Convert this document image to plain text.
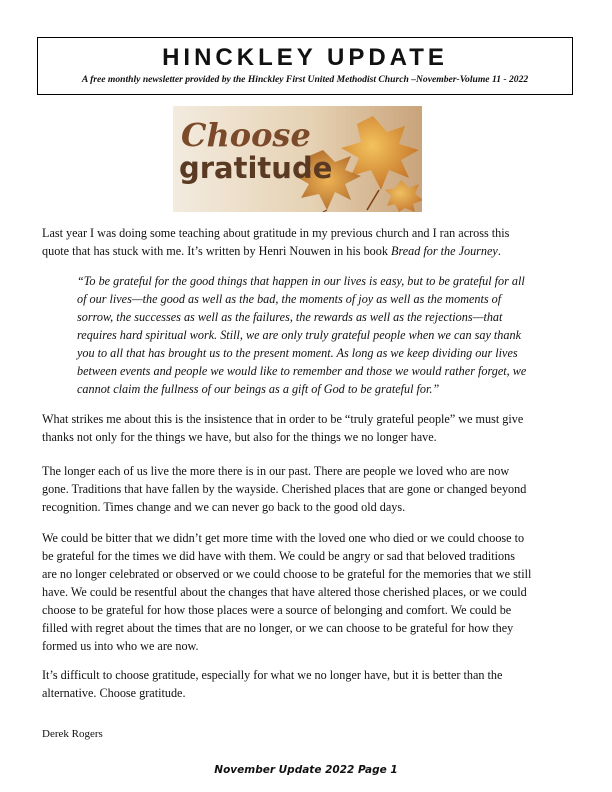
HINCKLEY UPDATE
A free monthly newsletter provided by the Hinckley First United Methodist Church –November-Volume 11 - 2022
Choose
gratitude
Last year I was doing some teaching about gratitude in my previous church and I ran across this
quote that has stuck with me. It’s written by Henri Nouwen in his book Bread for the Journey.
“To be grateful for the good things that happen in our lives is easy, but to be grateful for all
of our lives—the good as well as the bad, the moments of joy as well as the moments of
sorrow, the successes as well as the failures, the rewards as well as the rejections—that
requires hard spiritual work. Still, we are only truly grateful people when we can say thank
you to all that has brought us to the present moment. As long as we keep dividing our lives
between events and people we would like to remember and those we would rather forget, we
cannot claim the fullness of our beings as a gift of God to be grateful for.”
What strikes me about this is the insistence that in order to be “truly grateful people” we must give
thanks not only for the things we have, but also for the things we no longer have.
The longer each of us live the more there is in our past. There are people we loved who are now
gone. Traditions that have fallen by the wayside. Cherished places that are gone or changed beyond
recognition. Times change and we can never go back to the good old days.
We could be bitter that we didn’t get more time with the loved one who died or we could choose to
be grateful for the times we did have with them. We could be angry or sad that beloved traditions
are no longer celebrated or observed or we could choose to be grateful for the memories that we still
have. We could be resentful about the changes that have altered those cherished places, or we could
choose to be grateful for how those places were a source of belonging and comfort. We could be
filled with regret about the times that are no longer, or we can choose to be grateful for how they
formed us into who we are now.
It’s difficult to choose gratitude, especially for what we no longer have, but it is better than the
alternative. Choose gratitude.
Derek Rogers
November Update 2022 Page 1
